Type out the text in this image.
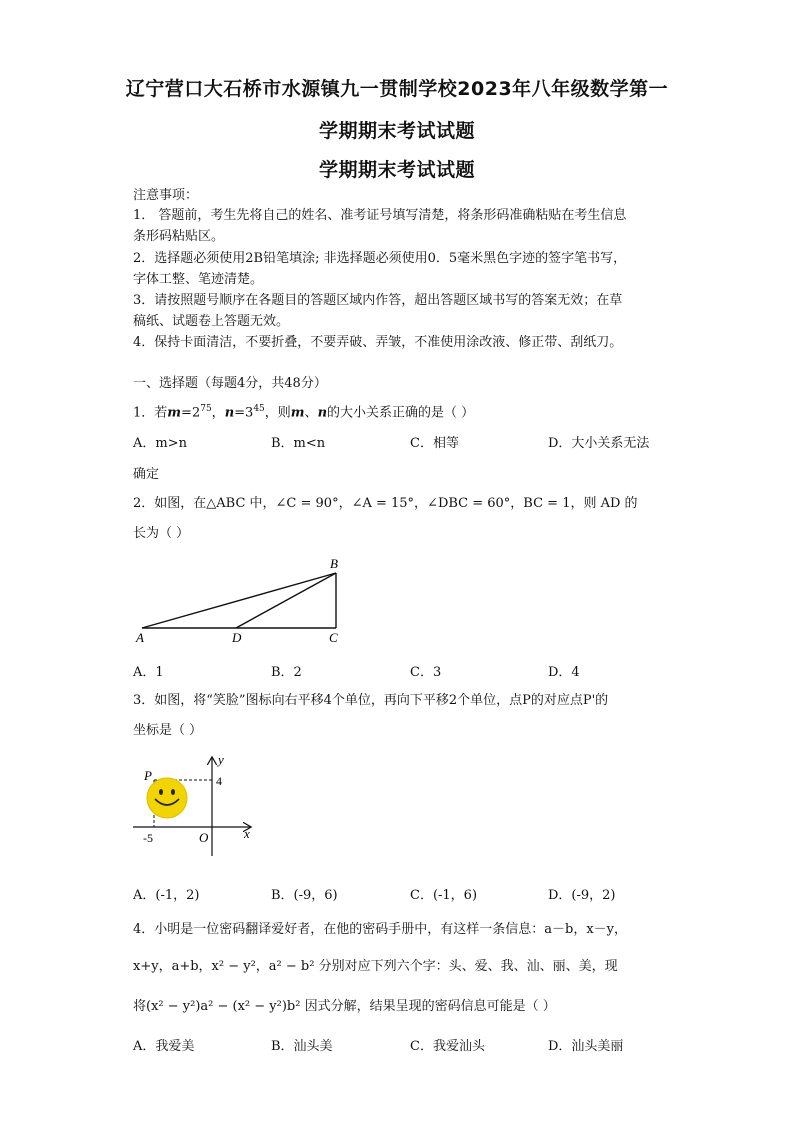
辽宁营口大石桥市水源镇九一贯制学校2023年八年级数学第一
学期期末考试试题
学期期末考试试题
注意事项：
1． 答题前，考生先将自己的姓名、准考证号填写清楚，将条形码准确粘贴在考生信息
条形码粘贴区。
2．选择题必须使用2B铅笔填涂; 非选择题必须使用0．5毫米黑色字迹的签字笔书写，
字体工整、笔迹清楚。
3．请按照题号顺序在各题目的答题区域内作答，超出答题区域书写的答案无效；在草
稿纸、试题卷上答题无效。
4．保持卡面清洁，不要折叠，不要弄破、弄皱，不准使用涂改液、修正带、刮纸刀。
一、选择题（每题4分，共48分）
1．若$m=2^{75}$，$n=3^{45}$，则m、n的大小关系正确的是（ ）
A．m>n	B．m<n	C．相等	D．大小关系无法
确定
2．如图，在△ABC 中，∠C = 90°，∠A = 15°，∠DBC = 60°，BC = 1，则 AD 的
长为（ ）
B
A	D	C
A．1	B．2	C．3	D．4
3．如图，将“笑脸”图标向右平移4个单位，再向下平移2个单位，点P的对应点P'的
坐标是（ ）
y
x
P	4
-5	O
A．(-1，2)	B．(-9，6)	C．(-1，6)	D．(-9，2)
4．小明是一位密码翻译爱好者，在他的密码手册中，有这样一条信息：a－b，x－y，
x+y，a+b，x² − y²，a² − b² 分别对应下列六个字：头、爱、我、汕、丽、美，现
将(x² − y²)a² − (x² − y²)b² 因式分解，结果呈现的密码信息可能是（ ）
A．我爱美	B．汕头美	C．我爱汕头	D．汕头美丽
